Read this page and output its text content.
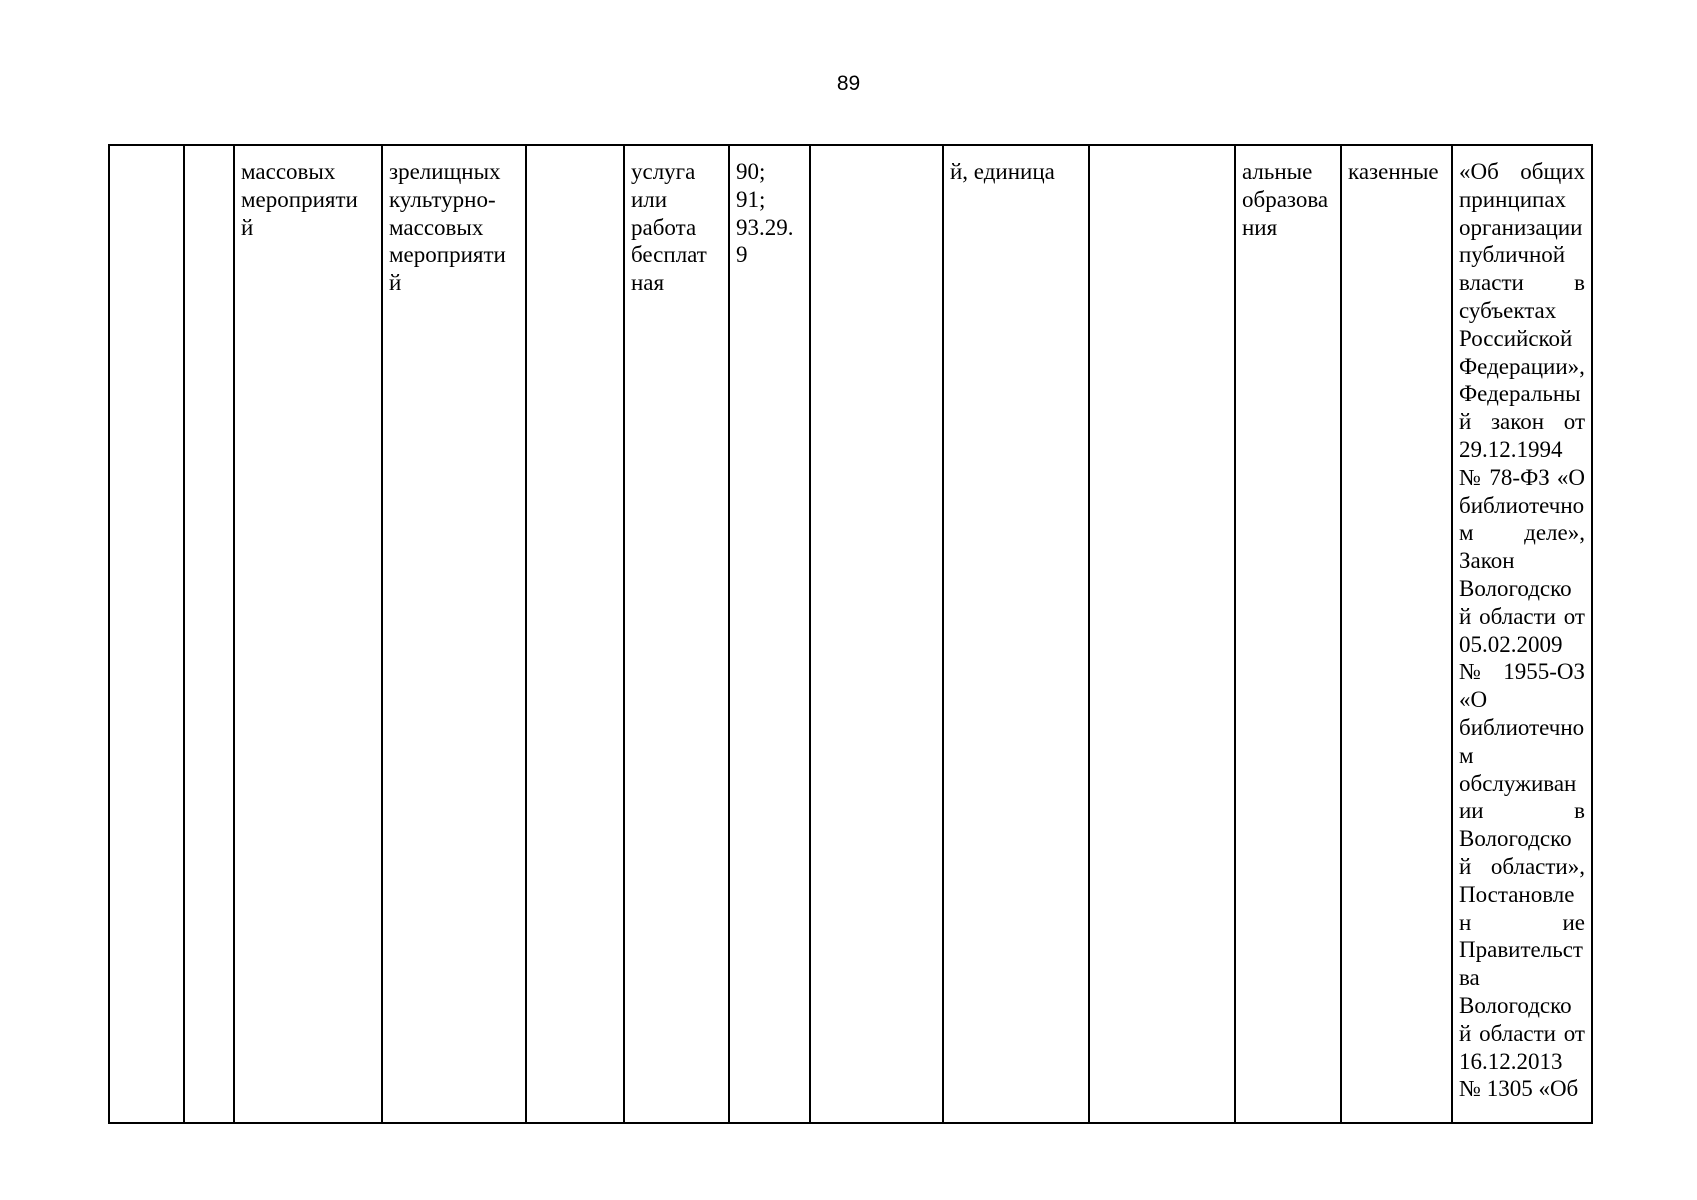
89
		массовых
мероприяти
й	зрелищных
культурно-
массовых
мероприяти
й		услуга
или
работа
бесплат
ная	90;
91;
93.29.
9		й, единица		альные
образова
ния	казенные	«Об общих принципах организации публичной власти в субъектах Российской Федерации», Федеральны й закон от 29.12.1994 № 78-ФЗ «О библиотечно м деле», Закон Вологодско й области от 05.02.2009 № 1955-ОЗ «О библиотечно м обслуживан ии в Вологодско й области», Постановлен ие Правительст ва Вологодско й области от 16.12.2013 № 1305 «Об
